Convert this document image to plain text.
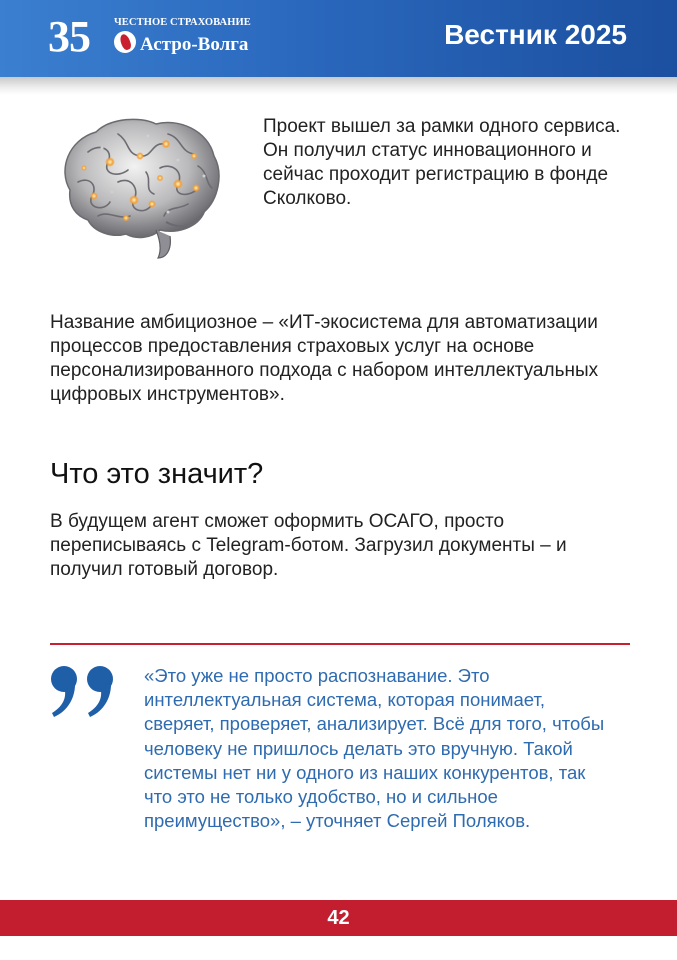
35 ЧЕСТНОЕ СТРАХОВАНИЕ
Астро-Волга	Вестник 2025

Проект вышел за рамки одного сервиса. Он получил статус инновационного и сейчас проходит регистрацию в фонде Сколково.

Название амбициозное – «ИТ-экосистема для автоматизации процессов предоставления страховых услуг на основе персонализированного подхода с набором интеллектуальных цифровых инструментов».

Что это значит?

В будущем агент сможет оформить ОСАГО, просто переписываясь с Telegram-ботом. Загрузил документы – и получил готовый договор.

«Это уже не просто распознавание. Это интеллектуальная система, которая понимает, сверяет, проверяет, анализирует. Всё для того, чтобы человеку не пришлось делать это вручную. Такой системы нет ни у одного из наших конкурентов, так что это не только удобство, но и сильное преимущество», – уточняет Сергей Поляков.

42
